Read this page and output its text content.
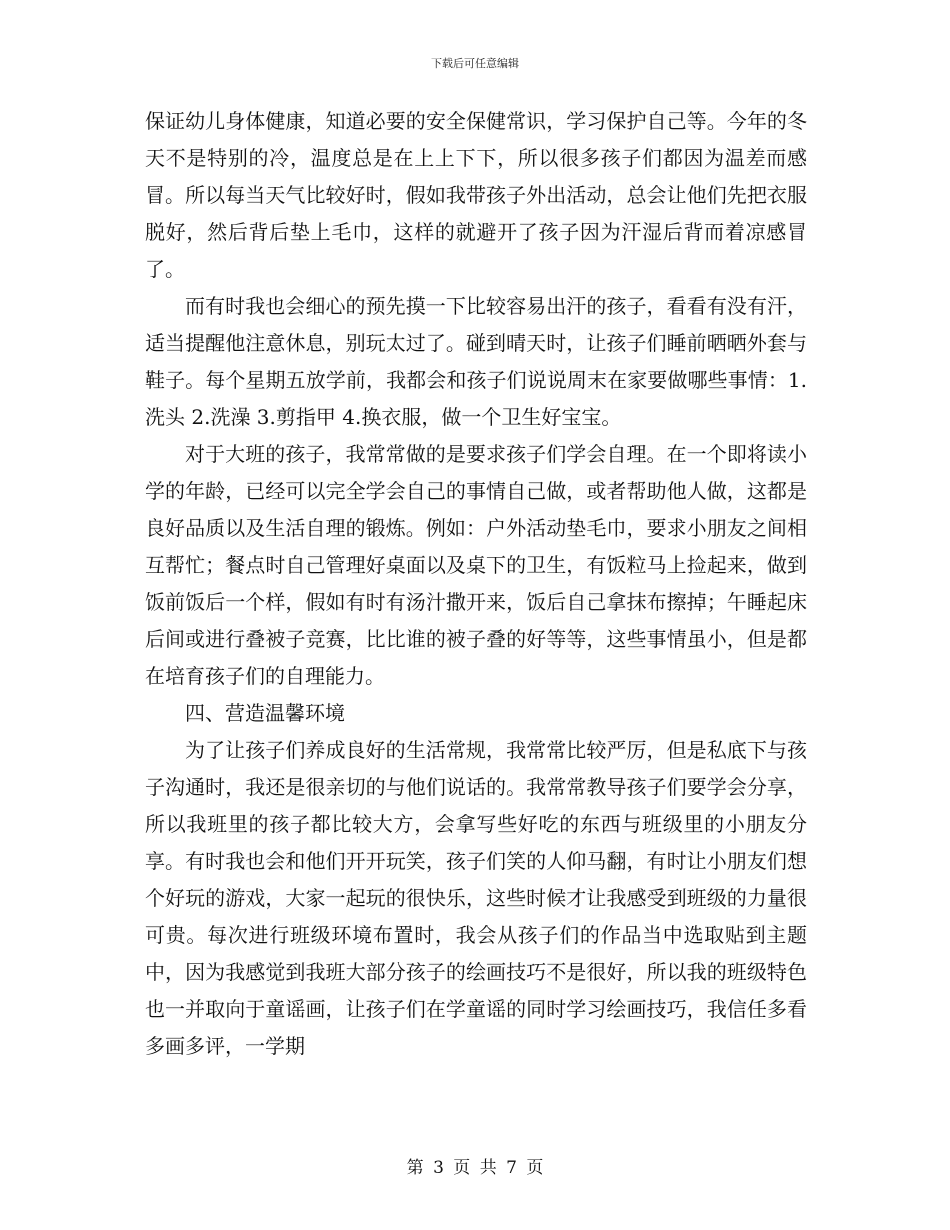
下载后可任意编辑

保证幼儿身体健康，知道必要的安全保健常识，学习保护自己等。今年的冬天不是特别的冷，温度总是在上上下下，所以很多孩子们都因为温差而感冒。所以每当天气比较好时，假如我带孩子外出活动，总会让他们先把衣服脱好，然后背后垫上毛巾，这样的就避开了孩子因为汗湿后背而着凉感冒了。

而有时我也会细心的预先摸一下比较容易出汗的孩子，看看有没有汗，适当提醒他注意休息，别玩太过了。碰到晴天时，让孩子们睡前晒晒外套与鞋子。每个星期五放学前，我都会和孩子们说说周末在家要做哪些事情：1.洗头 2.洗澡 3.剪指甲 4.换衣服，做一个卫生好宝宝。

对于大班的孩子，我常常做的是要求孩子们学会自理。在一个即将读小学的年龄，已经可以完全学会自己的事情自己做，或者帮助他人做，这都是良好品质以及生活自理的锻炼。例如：户外活动垫毛巾，要求小朋友之间相互帮忙；餐点时自己管理好桌面以及桌下的卫生，有饭粒马上捡起来，做到饭前饭后一个样，假如有时有汤汁撒开来，饭后自己拿抹布擦掉；午睡起床后间或进行叠被子竞赛，比比谁的被子叠的好等等，这些事情虽小，但是都在培育孩子们的自理能力。

四、营造温馨环境

为了让孩子们养成良好的生活常规，我常常比较严厉，但是私底下与孩子沟通时，我还是很亲切的与他们说话的。我常常教导孩子们要学会分享，所以我班里的孩子都比较大方，会拿写些好吃的东西与班级里的小朋友分享。有时我也会和他们开开玩笑，孩子们笑的人仰马翻，有时让小朋友们想个好玩的游戏，大家一起玩的很快乐，这些时候才让我感受到班级的力量很可贵。每次进行班级环境布置时，我会从孩子们的作品当中选取贴到主题中，因为我感觉到我班大部分孩子的绘画技巧不是很好，所以我的班级特色也一并取向于童谣画，让孩子们在学童谣的同时学习绘画技巧，我信任多看多画多评，一学期

第 3 页 共 7 页
